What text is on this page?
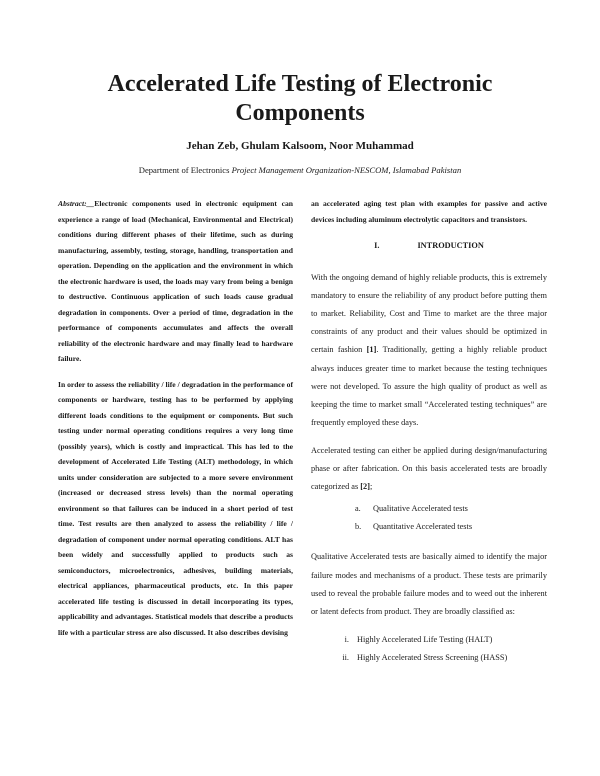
Accelerated Life Testing of Electronic Components
Jehan Zeb, Ghulam Kalsoom, Noor Muhammad
Department of Electronics Project Management Organization-NESCOM, Islamabad Pakistan

Abstract:__Electronic components used in electronic equipment can experience a range of load (Mechanical, Environmental and Electrical) conditions during different phases of their lifetime, such as during manufacturing, assembly, testing, storage, handling, transportation and operation. Depending on the application and the environment in which the electronic hardware is used, the loads may vary from being a benign to destructive. Continuous application of such loads cause gradual degradation in components. Over a period of time, degradation in the performance of components accumulates and affects the overall reliability of the electronic hardware and may finally lead to hardware failure.

In order to assess the reliability / life / degradation in the performance of components or hardware, testing has to be performed by applying different loads conditions to the equipment or components. But such testing under normal operating conditions requires a very long time (possibly years), which is costly and impractical. This has led to the development of Accelerated Life Testing (ALT) methodology, in which units under consideration are subjected to a more severe environment (increased or decreased stress levels) than the normal operating environment so that failures can be induced in a short period of test time. Test results are then analyzed to assess the reliability / life / degradation of component under normal operating conditions. ALT has been widely and successfully applied to products such as semiconductors, microelectronics, adhesives, building materials, electrical appliances, pharmaceutical products, etc. In this paper accelerated life testing is discussed in detail incorporating its types, applicability and advantages. Statistical models that describe a products life with a particular stress are also discussed. It also describes devising

an accelerated aging test plan with examples for passive and active devices including aluminum electrolytic capacitors and transistors.

I.	INTRODUCTION

With the ongoing demand of highly reliable products, this is extremely mandatory to ensure the reliability of any product before putting them to market. Reliability, Cost and Time to market are the three major constraints of any product and their values should be optimized in certain fashion [1]. Traditionally, getting a highly reliable product always induces greater time to market because the testing techniques were not developed. To assure the high quality of product as well as keeping the time to market small “Accelerated testing techniques” are frequently employed these days.

Accelerated testing can either be applied during design/manufacturing phase or after fabrication. On this basis accelerated tests are broadly categorized as [2];

a. Qualitative Accelerated tests
b. Quantitative Accelerated tests

Qualitative Accelerated tests are basically aimed to identify the major failure modes and mechanisms of a product. These tests are primarily used to reveal the probable failure modes and to weed out the inherent or latent defects from product. They are broadly classified as:

i. Highly Accelerated Life Testing (HALT)
ii. Highly Accelerated Stress Screening (HASS)
